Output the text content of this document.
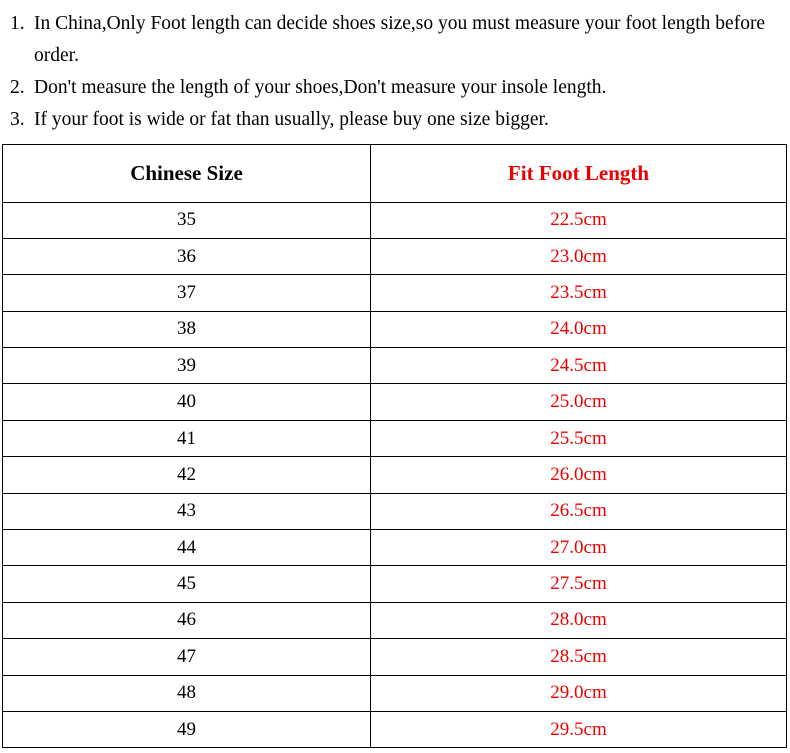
1. In China,Only Foot length can decide shoes size,so you must measure your foot length before order.
2. Don't measure the length of your shoes,Don't measure your insole length.
3. If your foot is wide or fat than usually, please buy one size bigger.
Chinese Size	Fit Foot Length
35	22.5cm
36	23.0cm
37	23.5cm
38	24.0cm
39	24.5cm
40	25.0cm
41	25.5cm
42	26.0cm
43	26.5cm
44	27.0cm
45	27.5cm
46	28.0cm
47	28.5cm
48	29.0cm
49	29.5cm
